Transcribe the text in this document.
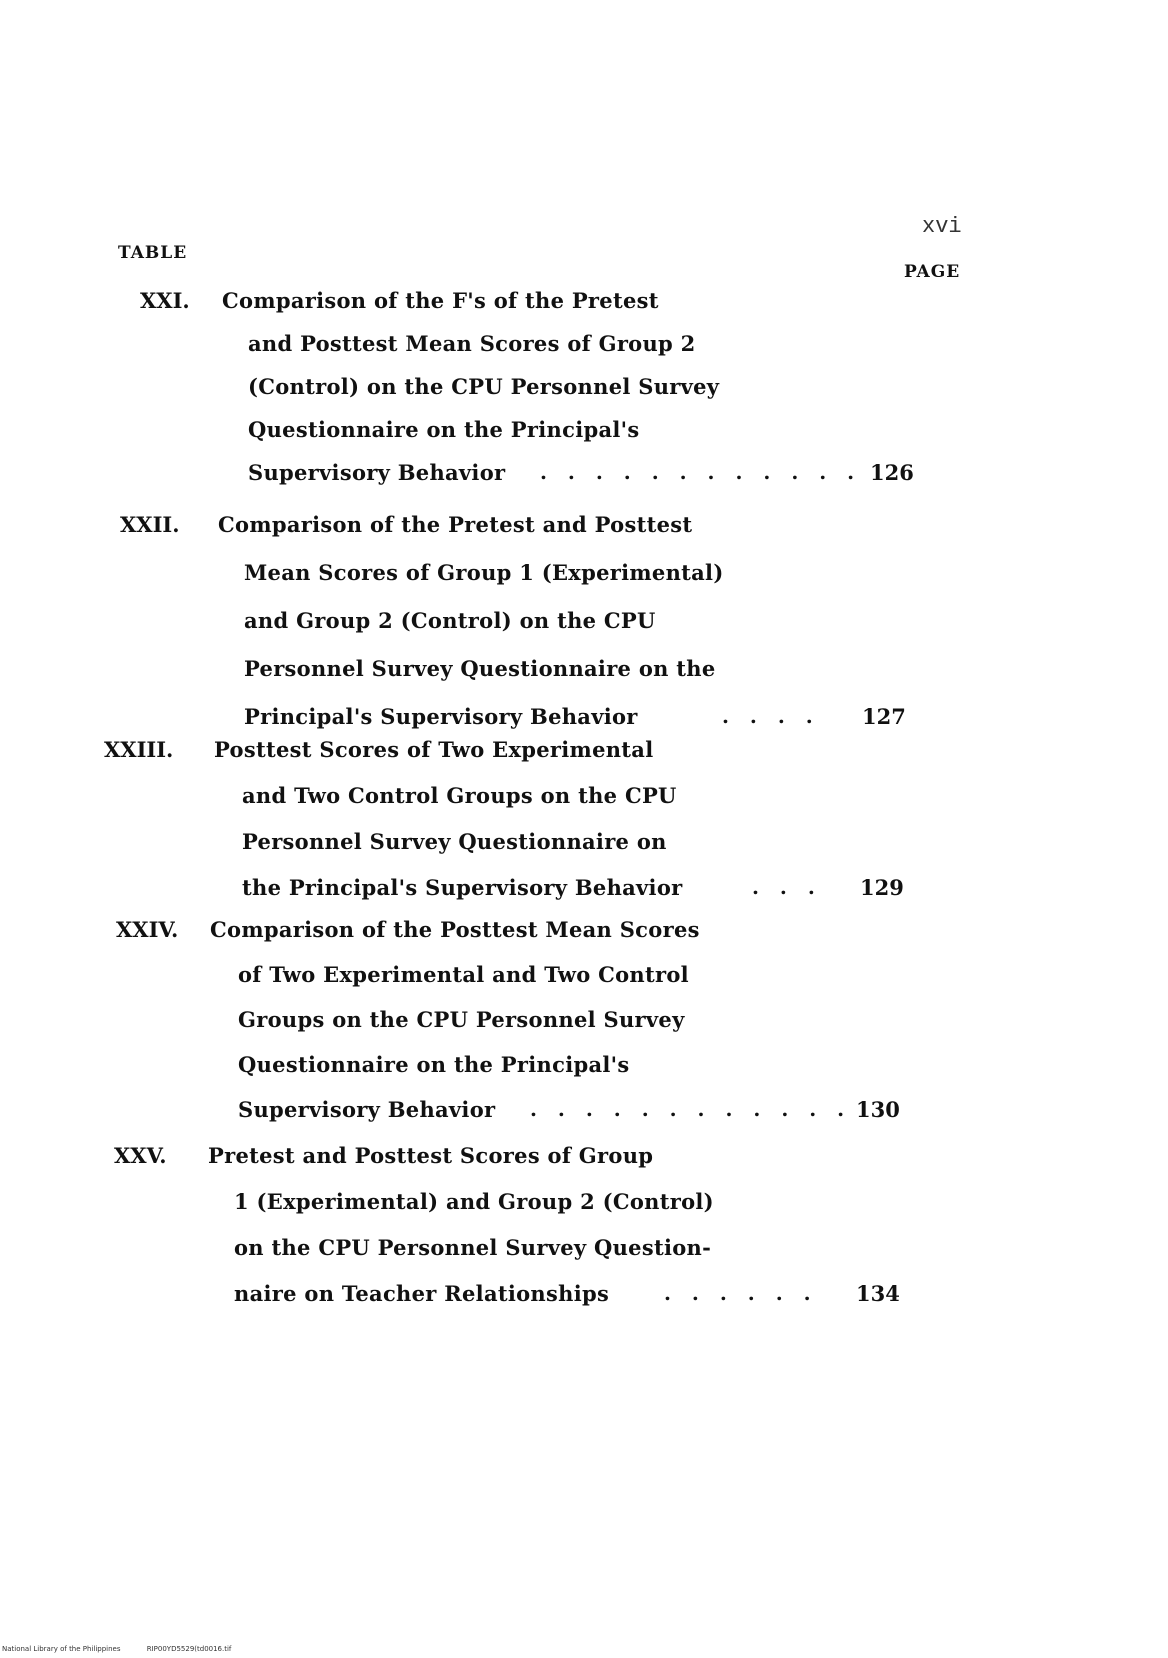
xvi
TABLE
PAGE
XXI. Comparison of the F's of the Pretest
and Posttest Mean Scores of Group 2
(Control) on the CPU Personnel Survey
Questionnaire on the Principal's
Supervisory Behavior . . . . . . . . . . . . 126
XXII. Comparison of the Pretest and Posttest
Mean Scores of Group 1 (Experimental)
and Group 2 (Control) on the CPU
Personnel Survey Questionnaire on the
Principal's Supervisory Behavior	. . . . 127
XXIII. Posttest Scores of Two Experimental
and Two Control Groups on the CPU
Personnel Survey Questionnaire on
the Principal's Supervisory Behavior	. . . 129
XXIV. Comparison of the Posttest Mean Scores
of Two Experimental and Two Control
Groups on the CPU Personnel Survey
Questionnaire on the Principal's
Supervisory Behavior . . . . . . . . . . . . 130
XXV. Pretest and Posttest Scores of Group
1 (Experimental) and Group 2 (Control)
on the CPU Personnel Survey Question-
naire on Teacher Relationships	. . . . . . 134
National Library of the Philippines	RIP00YD5529(td0016.tif
